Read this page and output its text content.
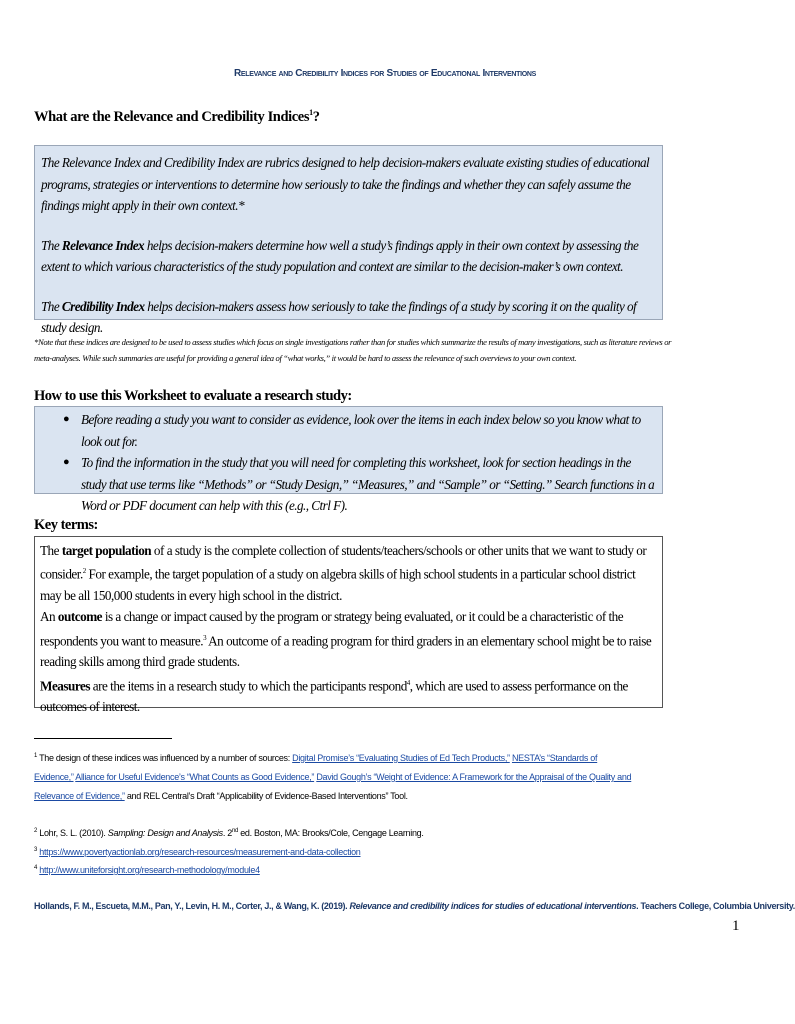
Relevance and Credibility Indices for Studies of Educational Interventions
What are the Relevance and Credibility Indices$^1$?

The Relevance Index and Credibility Index are rubrics designed to help decision-makers evaluate existing studies of educational programs, strategies or interventions to determine how seriously to take the findings and whether they can safely assume the findings might apply in their own context.*

The Relevance Index helps decision-makers determine how well a study’s findings apply in their own context by assessing the extent to which various characteristics of the study population and context are similar to the decision-maker’s own context.

The Credibility Index helps decision-makers assess how seriously to take the findings of a study by scoring it on the quality of study design.

*Note that these indices are designed to be used to assess studies which focus on single investigations rather than for studies which summarize the results of many investigations, such as literature reviews or meta-analyses. While such summaries are useful for providing a general idea of “what works,” it would be hard to assess the relevance of such overviews to your own context.
How to use this Worksheet to evaluate a research study:
● Before reading a study you want to consider as evidence, look over the items in each index below so you know what to look out for.
● To find the information in the study that you will need for completing this worksheet, look for section headings in the study that use terms like “Methods” or “Study Design,” “Measures,” and “Sample” or “Setting.” Search functions in a Word or PDF document can help with this (e.g., Ctrl F).
Key terms:

The target population of a study is the complete collection of students/teachers/schools or other units that we want to study or consider.$^2$ For example, the target population of a study on algebra skills of high school students in a particular school district may be all 150,000 students in every high school in the district.

An outcome is a change or impact caused by the program or strategy being evaluated, or it could be a characteristic of the respondents you want to measure.$^3$ An outcome of a reading program for third graders in an elementary school might be to raise reading skills among third grade students.

Measures are the items in a research study to which the participants respond$^4$, which are used to assess performance on the outcomes of interest.

$^1$ The design of these indices was influenced by a number of sources: Digital Promise’s “Evaluating Studies of Ed Tech Products,” NESTA’s “Standards of Evidence,” Alliance for Useful Evidence’s “What Counts as Good Evidence,” David Gough’s “Weight of Evidence: A Framework for the Appraisal of the Quality and Relevance of Evidence,” and REL Central’s Draft “Applicability of Evidence-Based Interventions” Tool.
$^2$ Lohr, S. L. (2010). Sampling: Design and Analysis. 2nd ed. Boston, MA: Brooks/Cole, Cengage Learning.
$^3$ https://www.povertyactionlab.org/research-resources/measurement-and-data-collection
$^4$ http://www.uniteforsight.org/research-methodology/module4
Hollands, F. M., Escueta, M.M., Pan, Y., Levin, H. M., Corter, J., & Wang, K. (2019). Relevance and credibility indices for studies of educational interventions. Teachers College, Columbia University.
1
